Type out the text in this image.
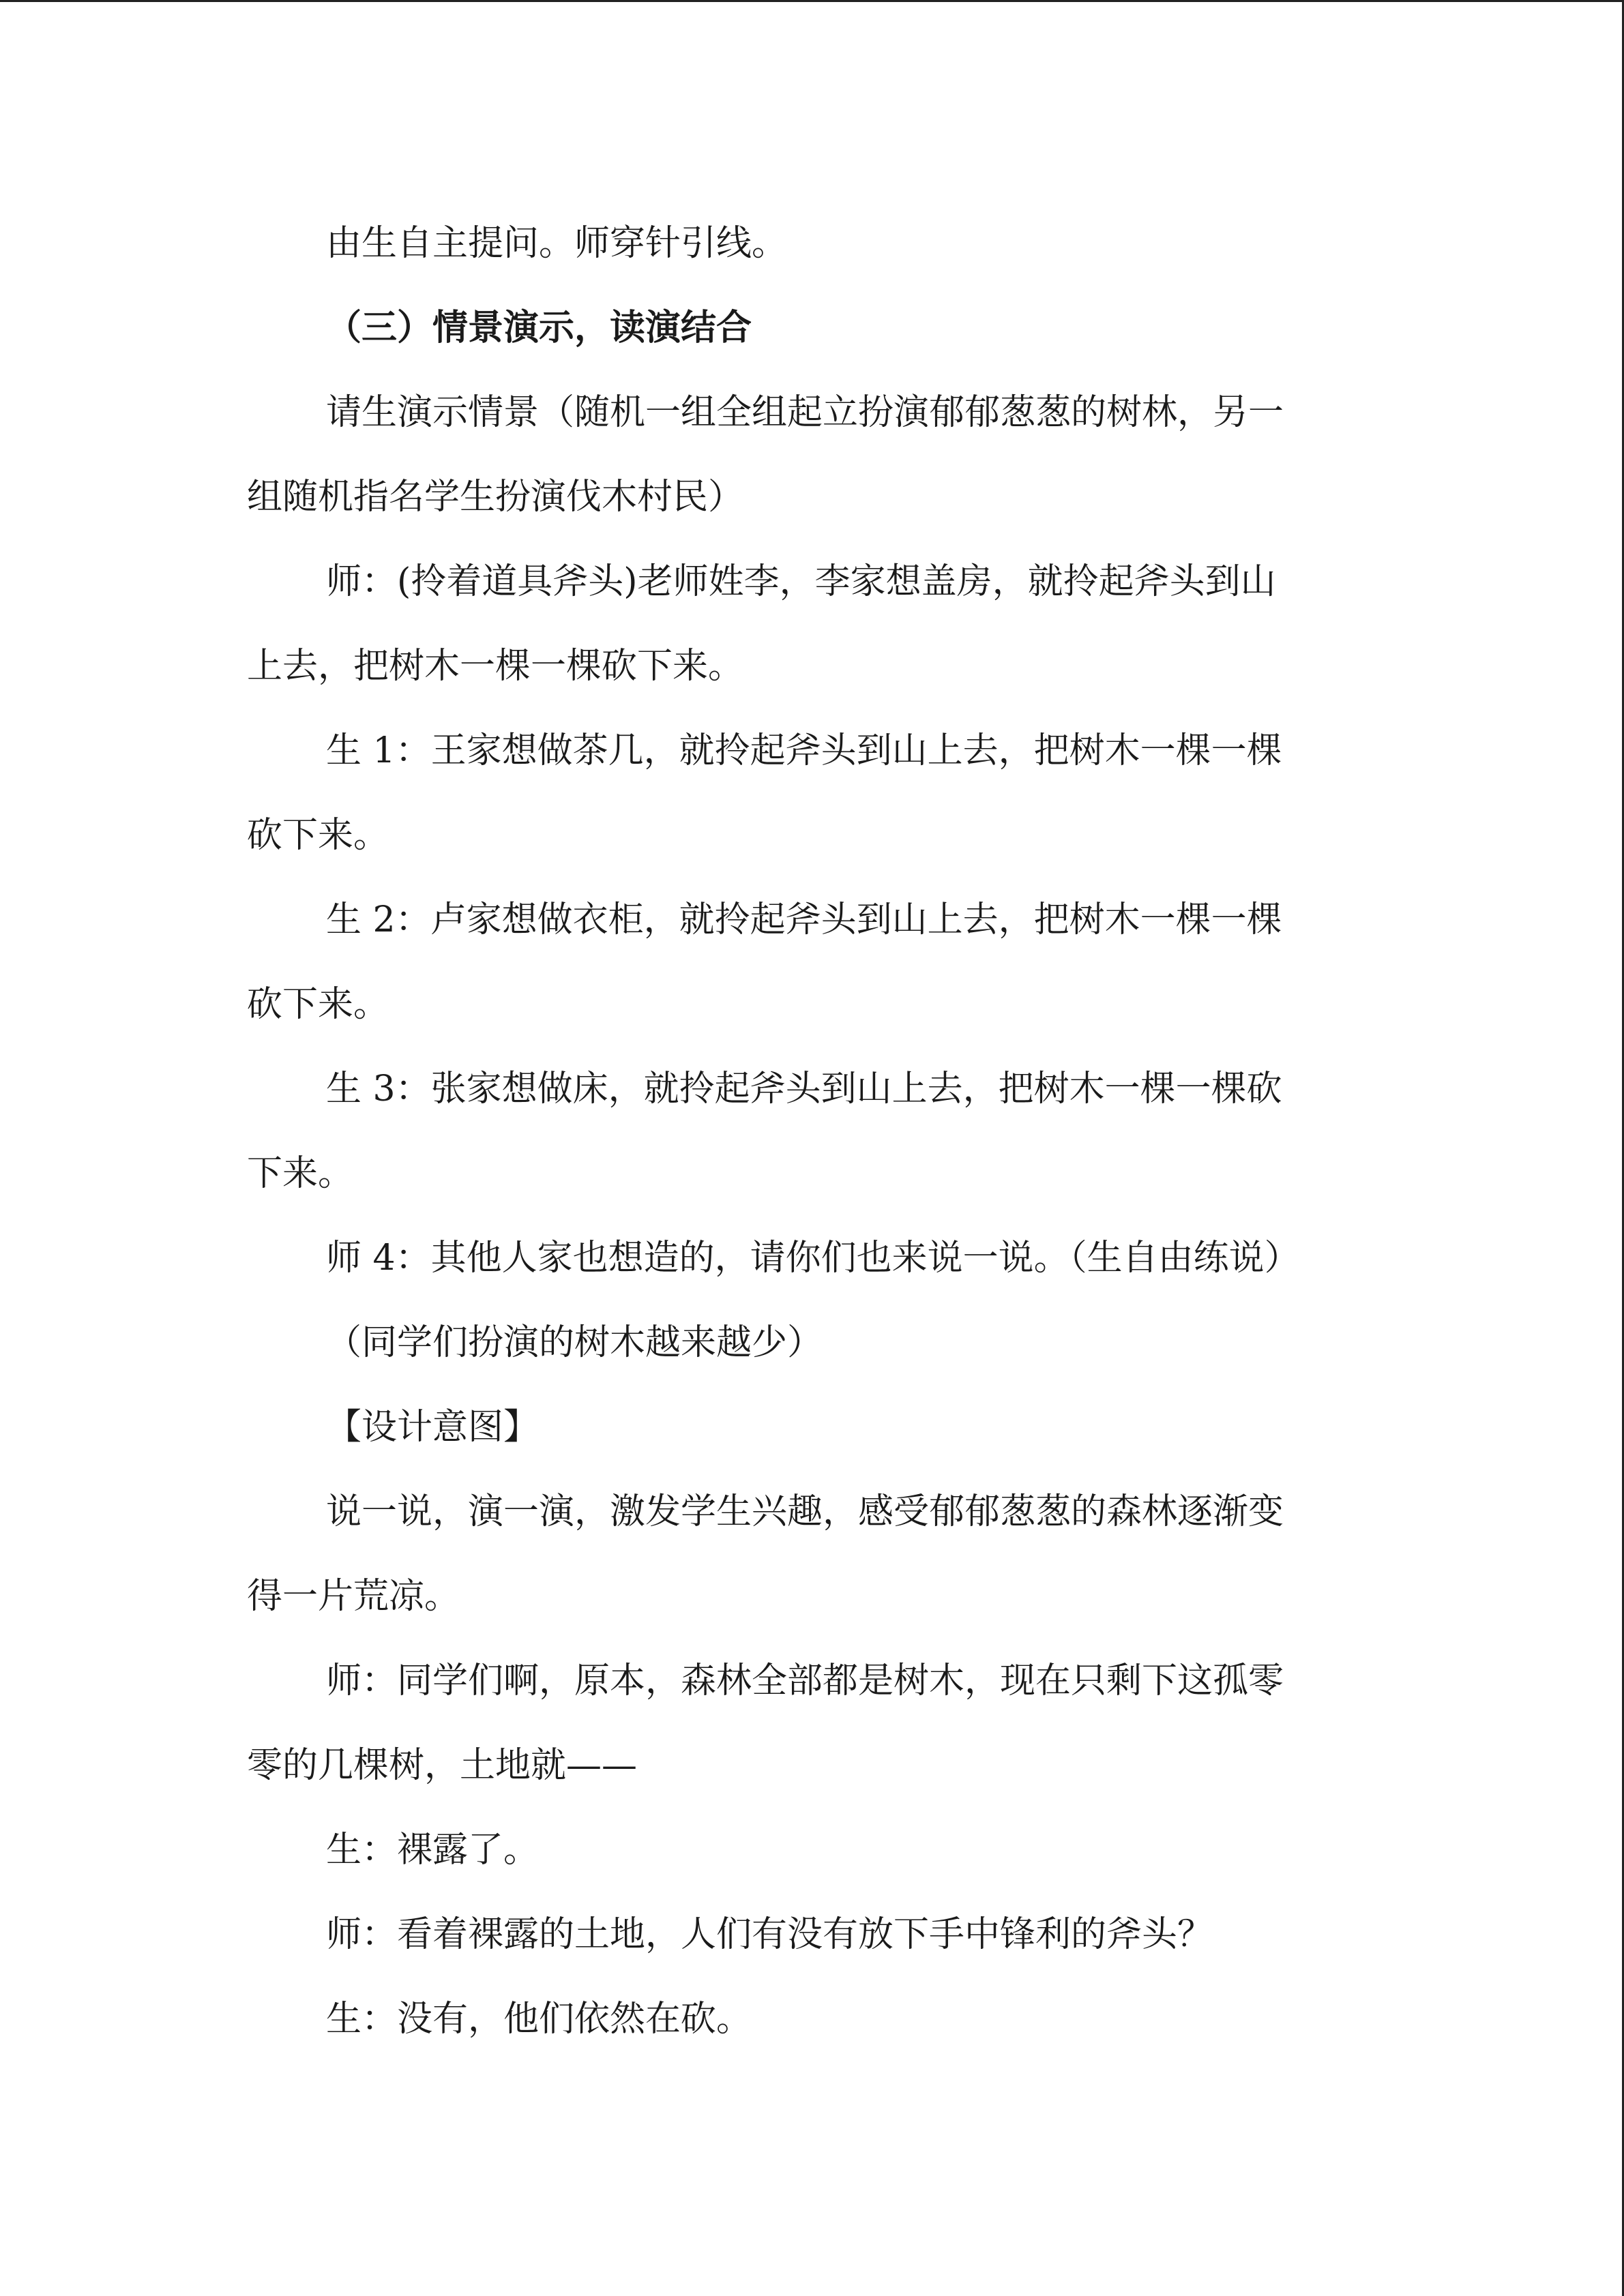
由生自主提问。师穿针引线。
（三）情景演示，读演结合
请生演示情景（随机一组全组起立扮演郁郁葱葱的树林，另一
组随机指名学生扮演伐木村民）
师：(拎着道具斧头)老师姓李，李家想盖房，就拎起斧头到山
上去，把树木一棵一棵砍下来。
生 1：王家想做茶几，就拎起斧头到山上去，把树木一棵一棵
砍下来。
生 2：卢家想做衣柜，就拎起斧头到山上去，把树木一棵一棵
砍下来。
生 3：张家想做床，就拎起斧头到山上去，把树木一棵一棵砍
下来。
师 4：其他人家也想造的，请你们也来说一说。（生自由练说）
（同学们扮演的树木越来越少）
【设计意图】
说一说，演一演，激发学生兴趣，感受郁郁葱葱的森林逐渐变
得一片荒凉。
师：同学们啊，原本，森林全部都是树木，现在只剩下这孤零
零的几棵树，土地就——
生：裸露了。
师：看着裸露的土地，人们有没有放下手中锋利的斧头？
生：没有，他们依然在砍。
